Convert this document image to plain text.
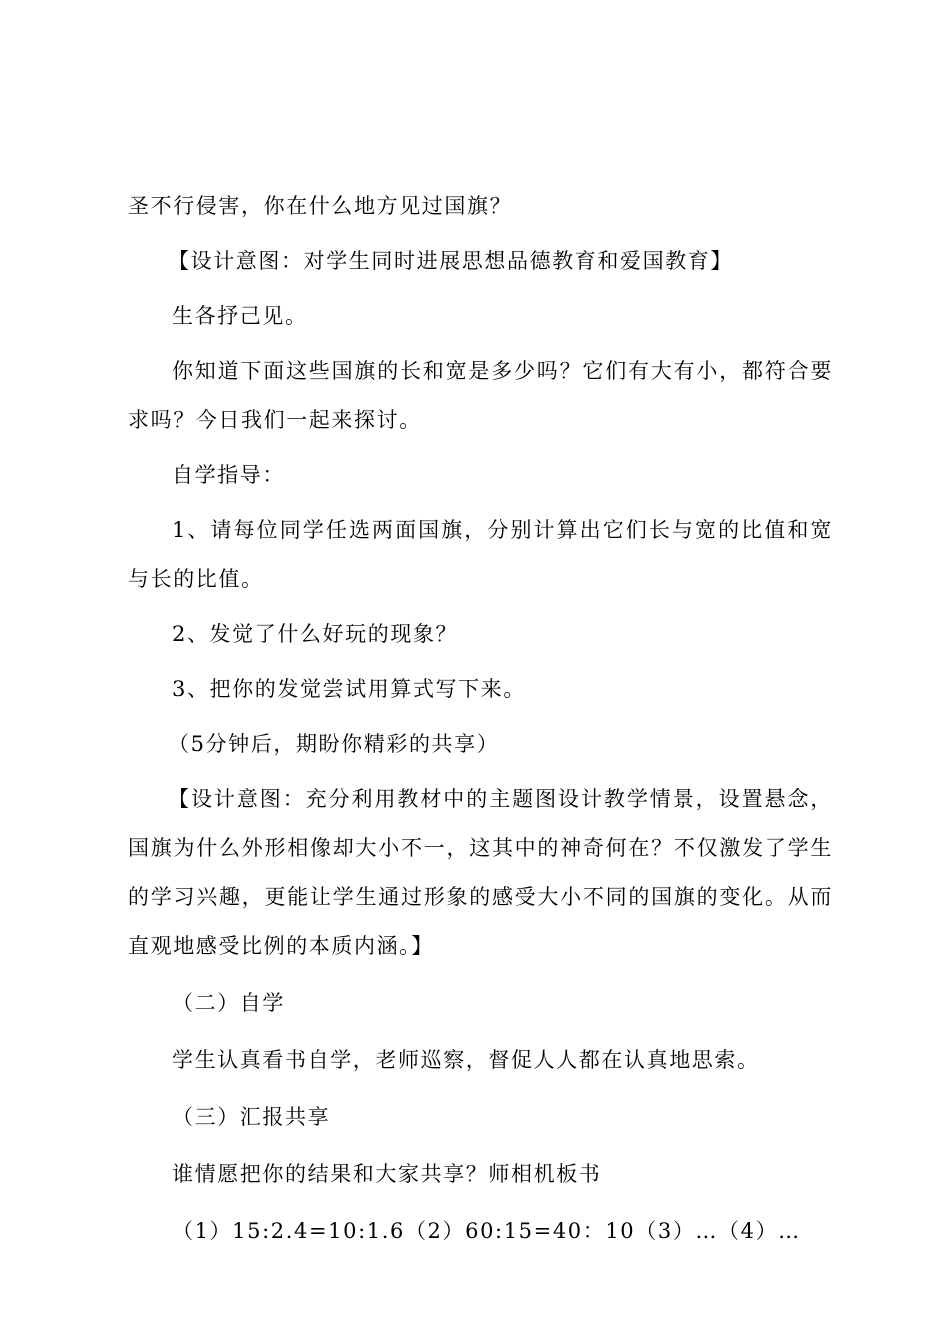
圣不行侵害，你在什么地方见过国旗？

【设计意图：对学生同时进展思想品德教育和爱国教育】

生各抒己见。

你知道下面这些国旗的长和宽是多少吗？它们有大有小，都符合要求吗？今日我们一起来探讨。

自学指导：

1、请每位同学任选两面国旗，分别计算出它们长与宽的比值和宽与长的比值。

2、发觉了什么好玩的现象？

3、把你的发觉尝试用算式写下来。

（5分钟后，期盼你精彩的共享）

【设计意图：充分利用教材中的主题图设计教学情景，设置悬念，国旗为什么外形相像却大小不一，这其中的神奇何在？不仅激发了学生的学习兴趣，更能让学生通过形象的感受大小不同的国旗的变化。从而直观地感受比例的本质内涵。】

（二）自学

学生认真看书自学，老师巡察，督促人人都在认真地思索。

（三）汇报共享

谁情愿把你的结果和大家共享？师相机板书

（1）15:2.4=10:1.6（2）60:15=40：10（3）…（4）…
